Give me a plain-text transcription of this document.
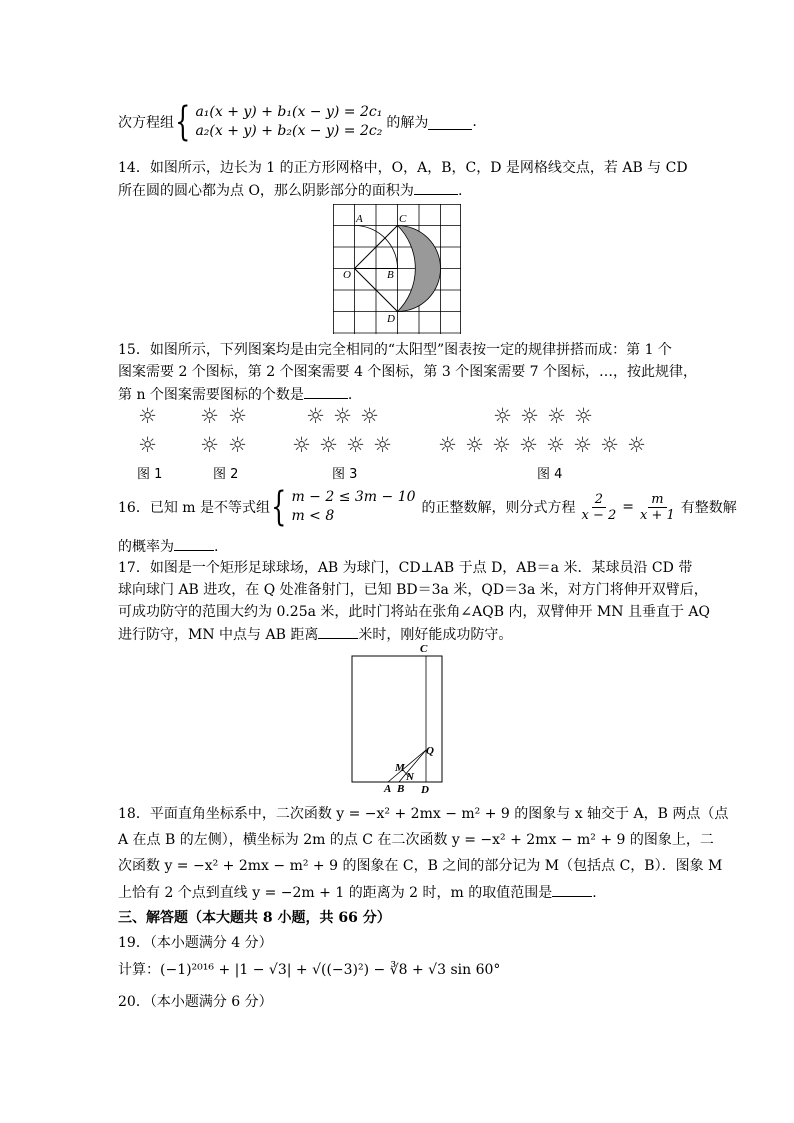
次方程组 { a₁(x + y) + b₁(x − y) = 2c₁
a₂(x + y) + b₂(x − y) = 2c₂ 的解为	.
14．如图所示，边长为 1 的正方形网格中，O，A，B，C，D 是网格线交点，若 AB 与 CD
所在圆的圆心都为点 O，那么阴影部分的面积为	.
A	C
O	B
D
15．如图所示，下列图案均是由完全相同的“太阳型”图表按一定的规律拼搭而成：第 1 个
图案需要 2 个图标，第 2 个图案需要 4 个图标，第 3 个图案需要 7 个图标，…，按此规律，
第 n 个图案需要图标的个数是	.
☼
☼
☼ ☼
☼ ☼
☼ ☼ ☼
☼ ☼ ☼ ☼
☼ ☼ ☼ ☼
☼ ☼ ☼ ☼ ☼ ☼ ☼ ☼
图 1	图 2	图 3	图 4
16．已知 m 是不等式组 { m − 2 ≤ 3m − 10
m < 8	的正整数解，则分式方程 $\frac{2}{x - 2} = \frac{m}{x + 1}$ 有整数解
的概率为	.
17．如图是一个矩形足球球场，AB 为球门，CD⊥AB 于点 D，AB＝a 米．某球员沿 CD 带
球向球门 AB 进攻，在 Q 处准备射门，已知 BD＝3a 米，QD＝3a 米，对方门将伸开双臂后，
可成功防守的范围大约为 0.25a 米，此时门将站在张角∠AQB 内，双臂伸开 MN 且垂直于 AQ
进行防守，MN 中点与 AB 距离	米时，刚好能成功防守。
C
Q
M
N
A B D
18．平面直角坐标系中，二次函数 y = −x² + 2mx − m² + 9 的图象与 x 轴交于 A，B 两点（点
A 在点 B 的左侧），横坐标为 2m 的点 C 在二次函数 y = −x² + 2mx − m² + 9 的图象上，二
次函数 y = −x² + 2mx − m² + 9 的图象在 C，B 之间的部分记为 M（包括点 C，B）．图象 M
上恰有 2 个点到直线 y = −2m + 1 的距离为 2 时，m 的取值范围是	.
三、解答题（本大题共 8 小题，共 66 分）
19．（本小题满分 4 分）
计算：(−1)²⁰¹⁶ + |1 − √3| + √((−3)²) − ∛8 + √3 sin 60°
20．（本小题满分 6 分）
